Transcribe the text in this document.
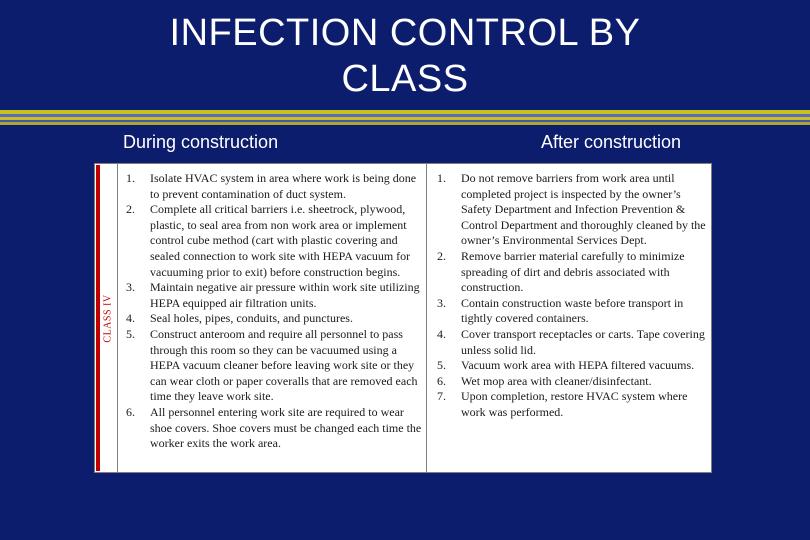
INFECTION CONTROL BY
CLASS
During construction	After construction
CLASS IV
1.	Isolate HVAC system in area where work is being done to prevent contamination of duct system.
2.	Complete all critical barriers i.e. sheetrock, plywood, plastic, to seal area from non work area or implement control cube method (cart with plastic covering and sealed connection to work site with HEPA vacuum for vacuuming prior to exit) before construction begins.
3.	Maintain negative air pressure within work site utilizing HEPA equipped air filtration units.
4.	Seal holes, pipes, conduits, and punctures.
5.	Construct anteroom and require all personnel to pass through this room so they can be vacuumed using a HEPA vacuum cleaner before leaving work site or they can wear cloth or paper coveralls that are removed each time they leave work site.
6.	All personnel entering work site are required to wear shoe covers. Shoe covers must be changed each time the worker exits the work area.
1.	Do not remove barriers from work area until completed project is inspected by the owner’s Safety Department and Infection Prevention & Control Department and thoroughly cleaned by the owner’s Environmental Services Dept.
2.	Remove barrier material carefully to minimize spreading of dirt and debris associated with construction.
3.	Contain construction waste before transport in tightly covered containers.
4.	Cover transport receptacles or carts. Tape covering unless solid lid.
5.	Vacuum work area with HEPA filtered vacuums.
6.	Wet mop area with cleaner/disinfectant.
7.	Upon completion, restore HVAC system where work was performed.
